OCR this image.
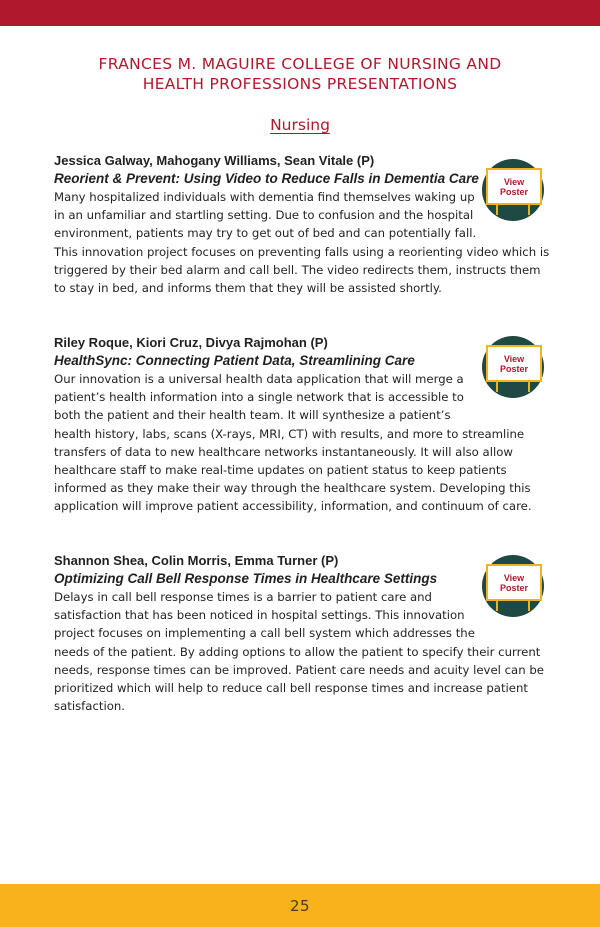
FRANCES M. MAGUIRE COLLEGE OF NURSING AND
HEALTH PROFESSIONS PRESENTATIONS
Nursing
Jessica Galway, Mahogany Williams, Sean Vitale (P)
Reorient & Prevent: Using Video to Reduce Falls in Dementia Care

Many hospitalized individuals with dementia find themselves waking up in an unfamiliar and startling setting. Due to confusion and the hospital environment, patients may try to get out of bed and can potentially fall. This innovation project focuses on preventing falls using a reorienting video which is triggered by their bed alarm and call bell. The video redirects them, instructs them to stay in bed, and informs them that they will be assisted shortly.

View
Poster
Riley Roque, Kiori Cruz, Divya Rajmohan (P)
HealthSync: Connecting Patient Data, Streamlining Care

Our innovation is a universal health data application that will merge a patient’s health information into a single network that is accessible to both the patient and their health team. It will synthesize a patient’s health history, labs, scans (X-rays, MRI, CT) with results, and more to streamline transfers of data to new healthcare networks instantaneously. It will also allow healthcare staff to make real-time updates on patient status to keep patients informed as they make their way through the healthcare system. Developing this application will improve patient accessibility, information, and continuum of care.

View
Poster
Shannon Shea, Colin Morris, Emma Turner (P)
Optimizing Call Bell Response Times in Healthcare Settings

Delays in call bell response times is a barrier to patient care and satisfaction that has been noticed in hospital settings. This innovation project focuses on implementing a call bell system which addresses the needs of the patient. By adding options to allow the patient to specify their current needs, response times can be improved. Patient care needs and acuity level can be prioritized which will help to reduce call bell response times and increase patient satisfaction.

View
Poster
25
